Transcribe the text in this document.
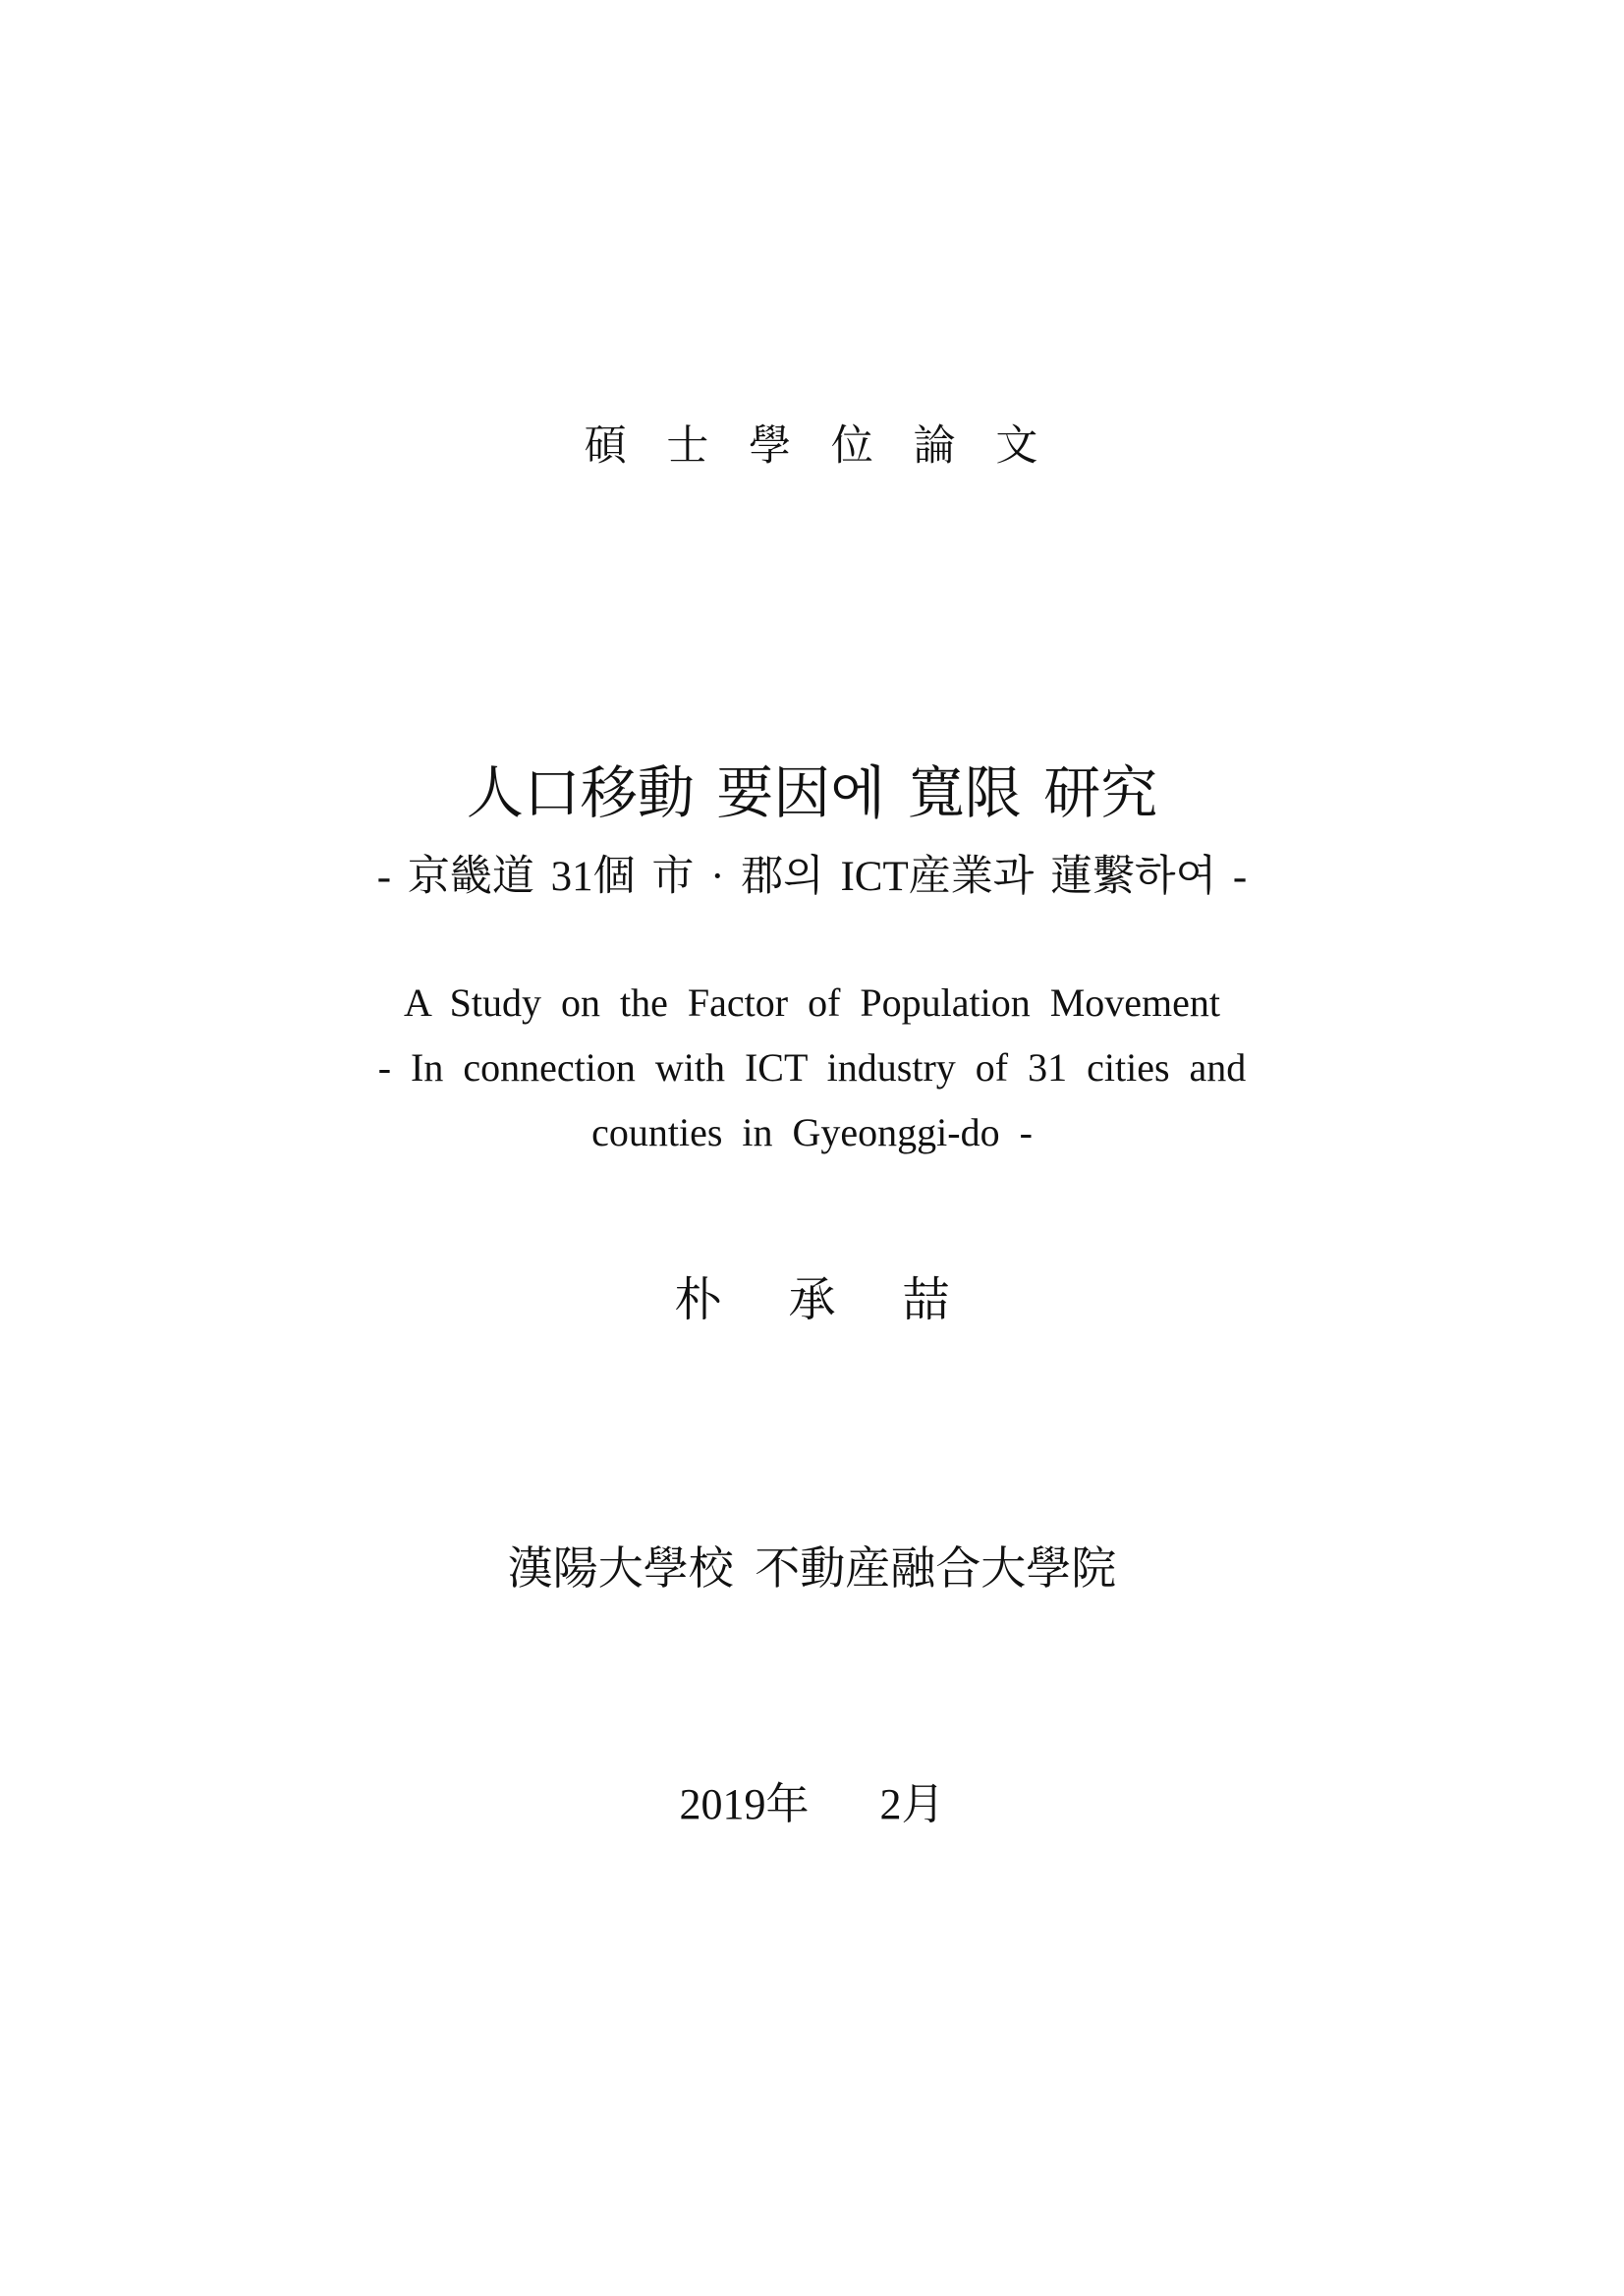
碩 士 學 位 論 文
人口移動 要因에 寬限 研究
- 京畿道 31個 市 · 郡의 ICT産業과 蓮繫하여 -
A Study on the Factor of Population Movement
- In connection with ICT industry of 31 cities and
counties in Gyeonggi-do -
朴 承 喆
漢陽大學校 不動産融合大學院
2019年 2月
